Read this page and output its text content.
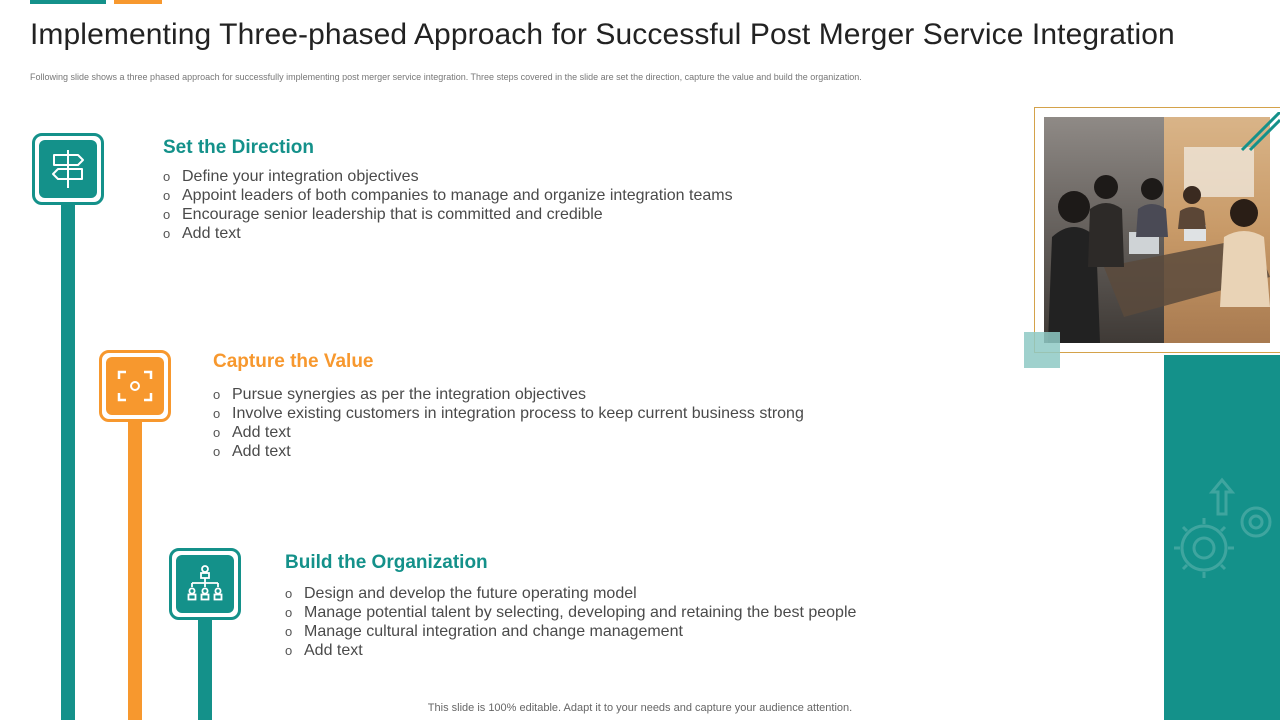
Implementing Three-phased Approach for Successful Post Merger Service Integration

Following slide shows a three phased approach for successfully implementing post merger service integration. Three steps covered in the slide are set the direction, capture the value and build the organization.

Set the Direction
o Define your integration objectives
o Appoint leaders of both companies to manage and organize integration teams
o Encourage senior leadership that is committed and credible
o Add text
Capture the Value
o Pursue synergies as per the integration objectives
o Involve existing customers in integration process to keep current business strong
o Add text
o Add text
Build the Organization
o Design and develop the future operating model
o Manage potential talent by selecting, developing and retaining the best people
o Manage cultural integration and change management
o Add text

This slide is 100% editable. Adapt it to your needs and capture your audience attention.
